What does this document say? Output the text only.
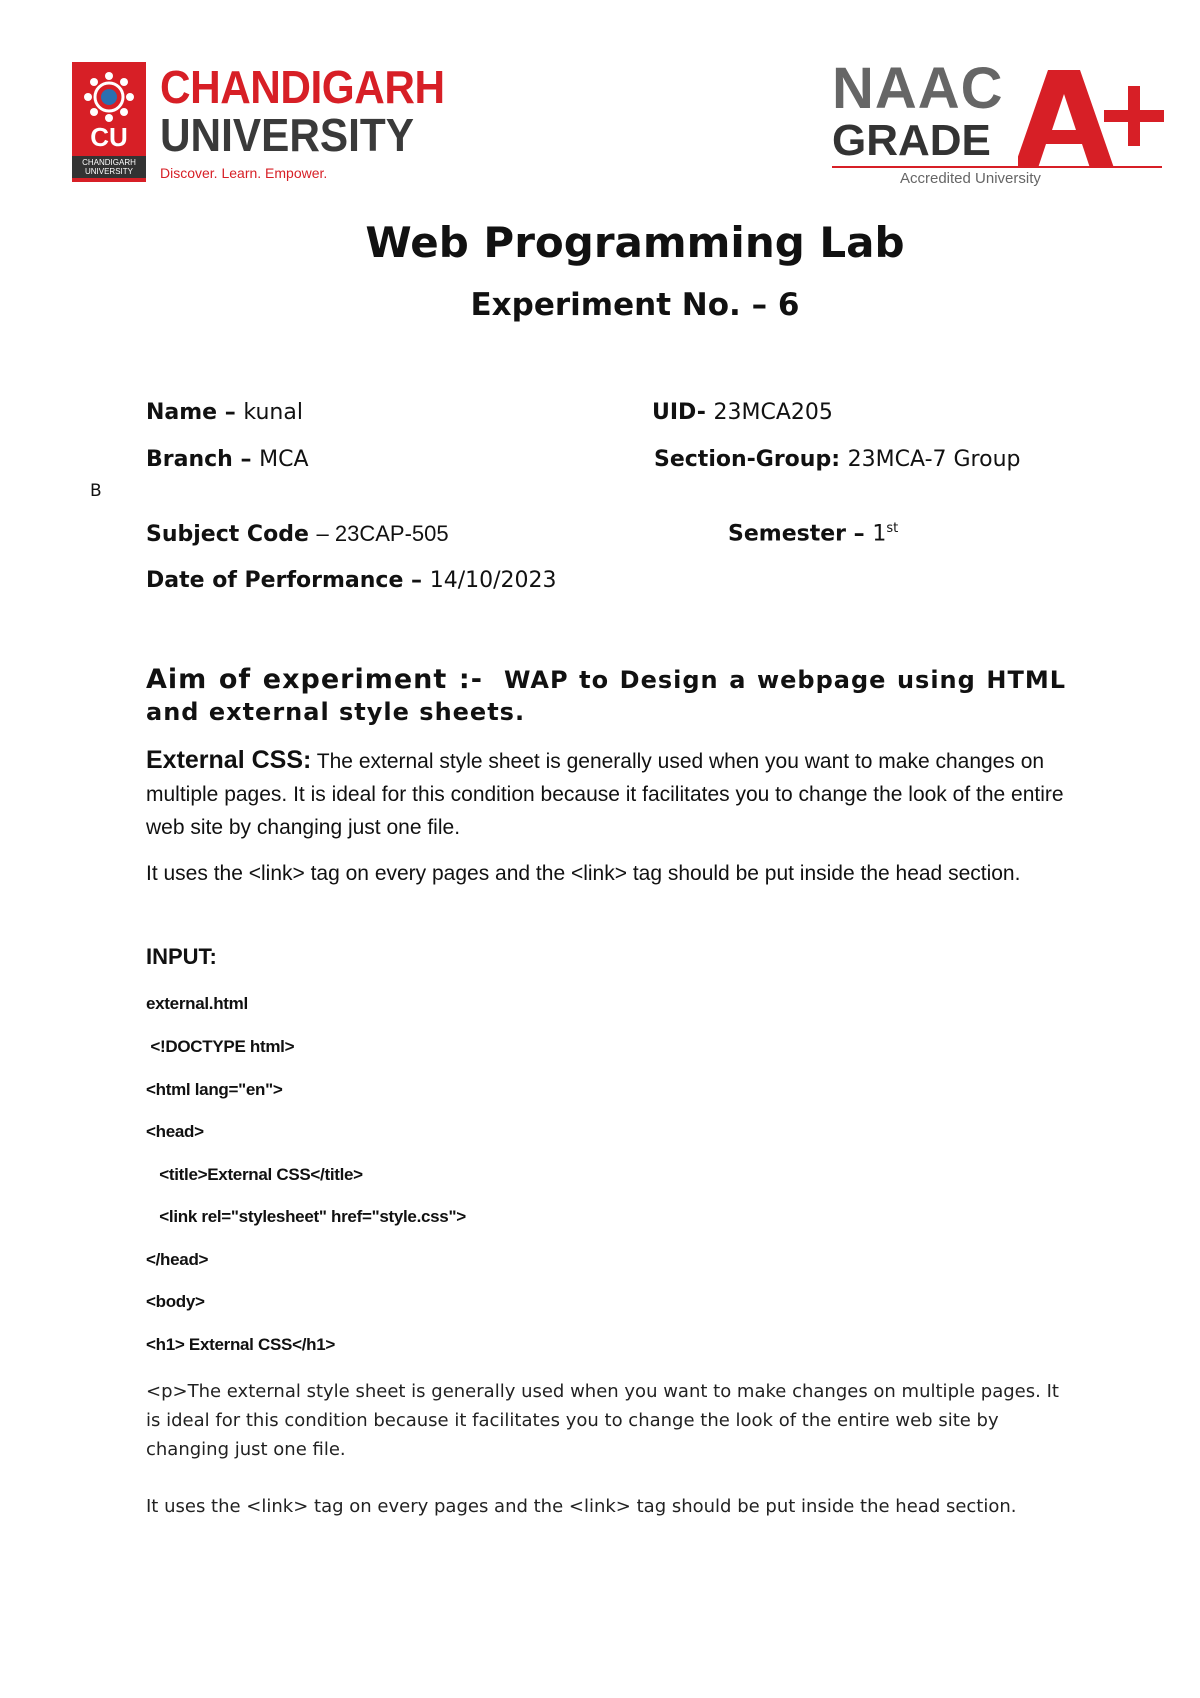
CU
CHANDIGARH UNIVERSITY
CHANDIGARH
UNIVERSITY
Discover. Learn. Empower.
NAAC
GRADE
Accredited University
Web Programming Lab
Experiment No. – 6
Name – kunal	UID- 23MCA205
Branch – MCA	Section-Group: 23MCA-7 Group
B
Subject Code – 23CAP-505	Semester – 1st
Date of Performance – 14/10/2023
Aim of experiment :- WAP to Design a webpage using HTML and external style sheets.
External CSS: The external style sheet is generally used when you want to make changes on multiple pages. It is ideal for this condition because it facilitates you to change the look of the entire web site by changing just one file.
It uses the <link> tag on every pages and the <link> tag should be put inside the head section.
INPUT:
external.html
<!DOCTYPE html>
<html lang="en">
<head>
<title>External CSS</title>
<link rel="stylesheet" href="style.css">
</head>
<body>
<h1> External CSS</h1>
<p>The external style sheet is generally used when you want to make changes on multiple pages. It is ideal for this condition because it facilitates you to change the look of the entire web site by changing just one file.
It uses the <link> tag on every pages and the <link> tag should be put inside the head section.
